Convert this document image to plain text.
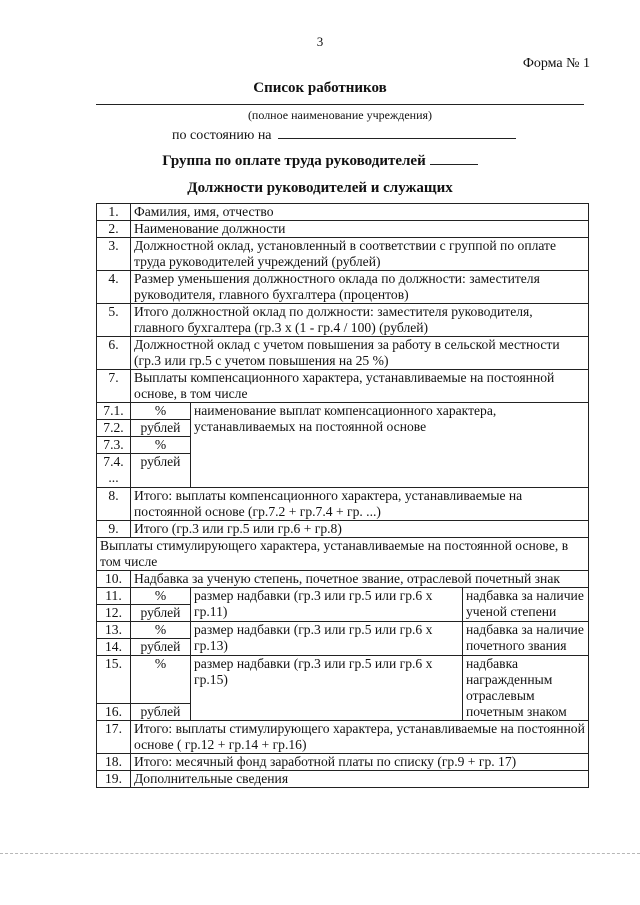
3
Форма № 1
Список работников
(полное наименование учреждения)
по состоянию на
Группа по оплате труда руководителей
Должности руководителей и служащих
1.	Фамилия, имя, отчество		
2.	Наименование должности		
3.	Должностной оклад, установленный в соответствии с группой по оплате труда руководителей учреждений (рублей)		
4.	Размер уменьшения должностного оклада по должности: заместителя руководителя, главного бухгалтера (процентов)		
5.	Итого должностной оклад по должности: заместителя руководителя, главного бухгалтера (гр.3 x (1 - гр.4 / 100) (рублей)		
6.	Должностной оклад с учетом повышения за работу в сельской местности (гр.3 или гр.5 с учетом повышения на 25 %)		
7.	Выплаты компенсационного характера, устанавливаемые на постоянной основе, в том числе		
7.1.	%	наименование выплат компенсационного характера, устанавливаемых на постоянной основе	
7.2.	рублей		
7.3.	%		
7.4. ...	рублей		
8.	Итого: выплаты компенсационного характера, устанавливаемые на постоянной основе (гр.7.2 + гр.7.4 + гр. ...)		
9.	Итого (гр.3 или гр.5 или гр.6 + гр.8)		
Выплаты стимулирующего характера, устанавливаемые на постоянной основе, в том числе			
10.	Надбавка за ученую степень, почетное звание, отраслевой почетный знак		
11.	%	размер надбавки (гр.3 или гр.5 или гр.6 x гр.11)	надбавка за наличие ученой степени
12.	рублей		
13.	%	размер надбавки (гр.3 или гр.5 или гр.6 x гр.13)	надбавка за наличие почетного звания
14.	рублей		
15.	%	размер надбавки (гр.3 или гр.5 или гр.6 x гр.15)	надбавка награжденным отраслевым почетным знаком
16.	рублей		
17.	Итого: выплаты стимулирующего характера, устанавливаемые на постоянной основе ( гр.12 + гр.14 + гр.16)		
18.	Итого: месячный фонд заработной платы по списку (гр.9 + гр. 17)		
19.	Дополнительные сведения		
